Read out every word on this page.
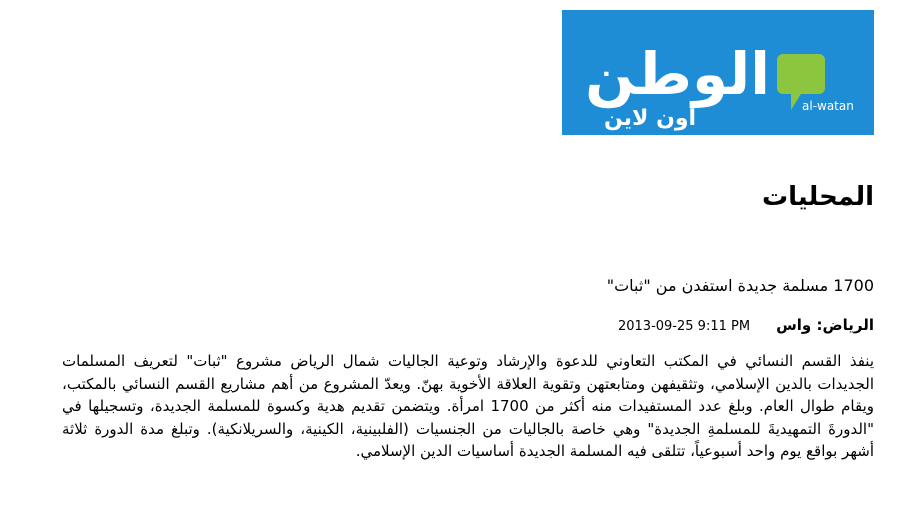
الوطن
أون لاين	al-watan
المحليات
1700 مسلمة جديدة استفدن من "ثبات"
الرياض: واس
2013-09-25 9:11 PM

ينفذ القسم النسائي في المكتب التعاوني للدعوة والإرشاد وتوعية الجاليات شمال الرياض مشروع "ثبات" لتعريف المسلمات الجديدات بالدين الإسلامي، وتثقيفهن ومتابعتهن وتقوية العلاقة الأخوية بهنّ. ويعدّ المشروع من أهم مشاريع القسم النسائي بالمكتب، ويقام طوال العام. وبلغ عدد المستفيدات منه أكثر من 1700 امرأة. ويتضمن تقديم هدية وكسوة للمسلمة الجديدة، وتسجيلها في "الدورةَ التمهيديةَ للمسلمةِ الجديدة" وهي خاصة بالجاليات من الجنسيات (الفلبينية، الكينية، والسريلانكية). وتبلغ مدة الدورة ثلاثة أشهر بواقع يوم واحد أسبوعياً، تتلقى فيه المسلمة الجديدة أساسيات الدين الإسلامي.
